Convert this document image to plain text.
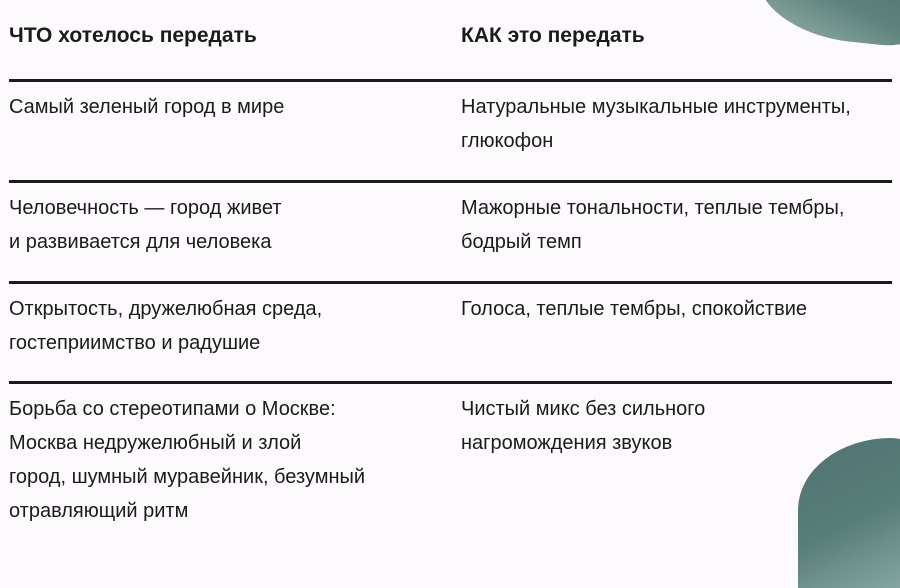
ЧТО хотелось передать	КАК это передать
Самый зеленый город в мире	Натуральные музыкальные инструменты,
глюкофон
Человечность — город живет
и развивается для человека
Мажорные тональности, теплые тембры,
бодрый темп
Открытость, дружелюбная среда,
гостеприимство и радушие
Голоса, теплые тембры, спокойствие
Борьба со стереотипами о Москве:
Москва недружелюбный и злой
город, шумный муравейник, безумный
отравляющий ритм
Чистый микс без сильного
нагромождения звуков
